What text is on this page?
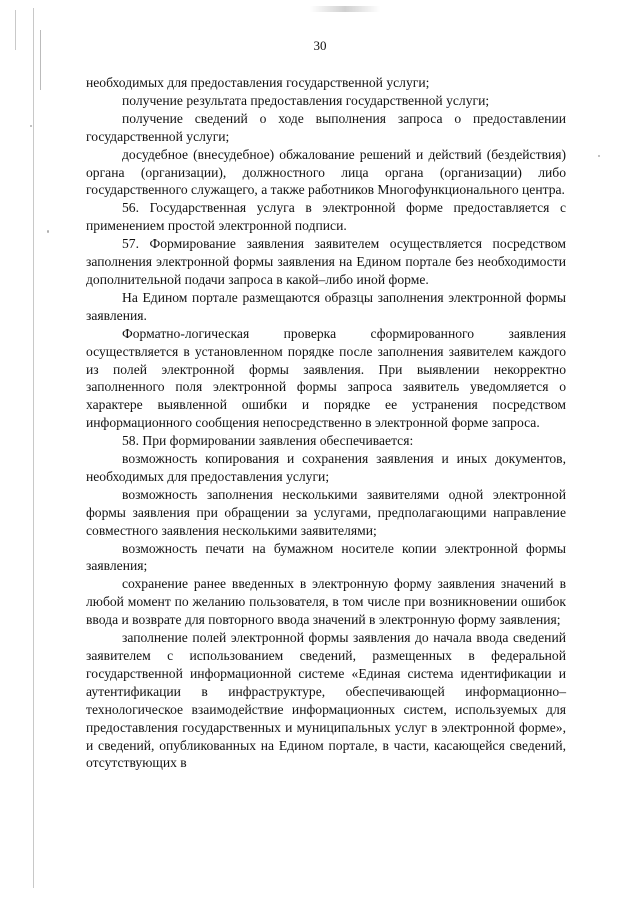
30

необходимых для предоставления государственной услуги;

получение результата предоставления государственной услуги;

получение сведений о ходе выполнения запроса о предоставлении государственной услуги;

досудебное (внесудебное) обжалование решений и действий (бездействия) органа (организации), должностного лица органа (организации) либо государственного служащего, а также работников Многофункционального центра.

56. Государственная услуга в электронной форме предоставляется с применением простой электронной подписи.

57. Формирование заявления заявителем осуществляется посредством заполнения электронной формы заявления на Едином портале без необходимости дополнительной подачи запроса в какой–либо иной форме.

На Едином портале размещаются образцы заполнения электронной формы заявления.

Форматно-логическая проверка сформированного заявления осуществляется в установленном порядке после заполнения заявителем каждого из полей электронной формы заявления. При выявлении некорректно заполненного поля электронной формы запроса заявитель уведомляется о характере выявленной ошибки и порядке ее устранения посредством информационного сообщения непосредственно в электронной форме запроса.

58. При формировании заявления обеспечивается:

возможность копирования и сохранения заявления и иных документов, необходимых для предоставления услуги;

возможность заполнения несколькими заявителями одной электронной формы заявления при обращении за услугами, предполагающими направление совместного заявления несколькими заявителями;

возможность печати на бумажном носителе копии электронной формы заявления;

сохранение ранее введенных в электронную форму заявления значений в любой момент по желанию пользователя, в том числе при возникновении ошибок ввода и возврате для повторного ввода значений в электронную форму заявления;

заполнение полей электронной формы заявления до начала ввода сведений заявителем с использованием сведений, размещенных в федеральной государственной информационной системе «Единая система идентификации и аутентификации в инфраструктуре, обеспечивающей информационно–технологическое взаимодействие информационных систем, используемых для предоставления государственных и муниципальных услуг в электронной форме», и сведений, опубликованных на Едином портале, в части, касающейся сведений, отсутствующих в
